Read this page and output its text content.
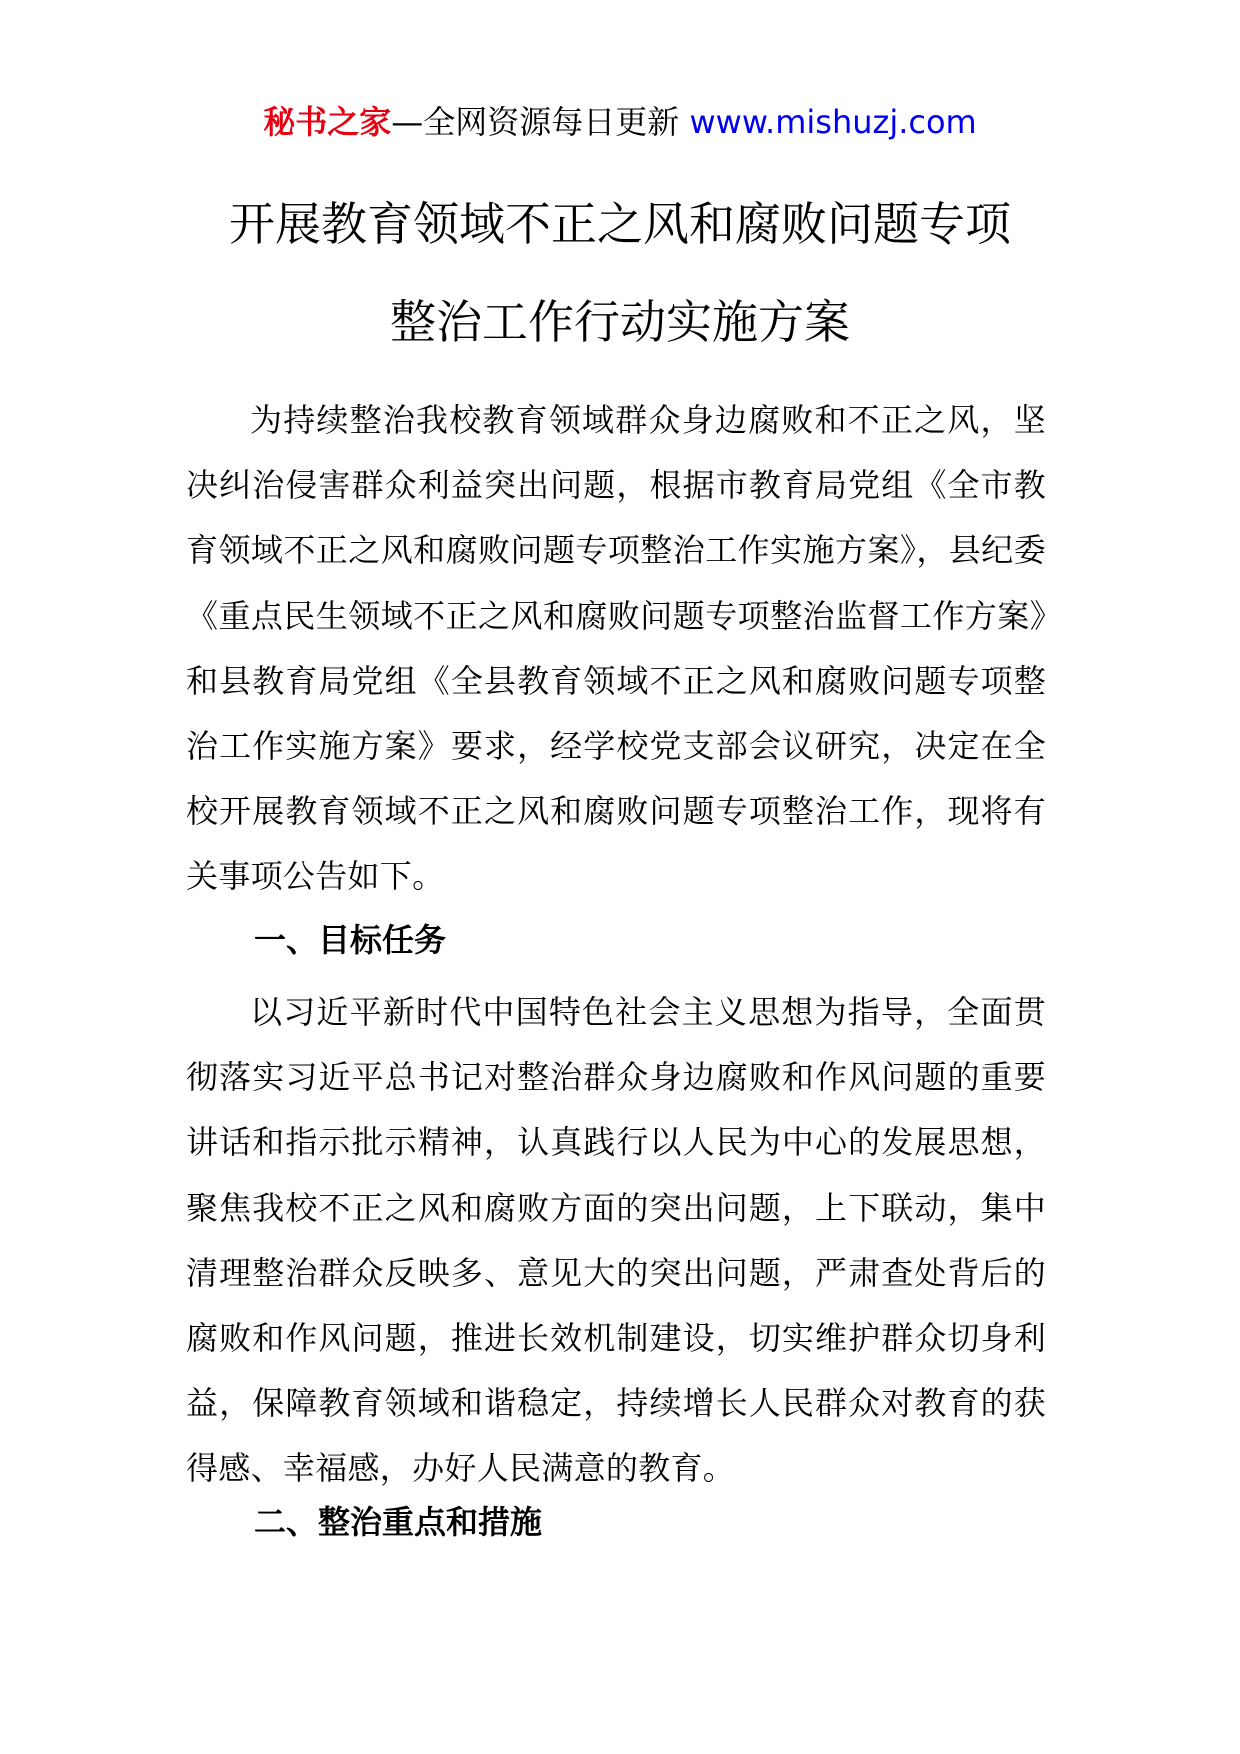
秘书之家—全网资源每日更新 www.mishuzj.com
开展教育领域不正之风和腐败问题专项
整治工作行动实施方案

为持续整治我校教育领域群众身边腐败和不正之风，坚决纠治侵害群众利益突出问题，根据市教育局党组《全市教育领域不正之风和腐败问题专项整治工作实施方案》，县纪委《重点民生领域不正之风和腐败问题专项整治监督工作方案》和县教育局党组《全县教育领域不正之风和腐败问题专项整治工作实施方案》要求，经学校党支部会议研究，决定在全校开展教育领域不正之风和腐败问题专项整治工作，现将有关事项公告如下。

一、目标任务

以习近平新时代中国特色社会主义思想为指导，全面贯彻落实习近平总书记对整治群众身边腐败和作风问题的重要讲话和指示批示精神，认真践行以人民为中心的发展思想，聚焦我校不正之风和腐败方面的突出问题，上下联动，集中清理整治群众反映多、意见大的突出问题，严肃查处背后的腐败和作风问题，推进长效机制建设，切实维护群众切身利益，保障教育领域和谐稳定，持续增长人民群众对教育的获得感、幸福感，办好人民满意的教育。

二、整治重点和措施
